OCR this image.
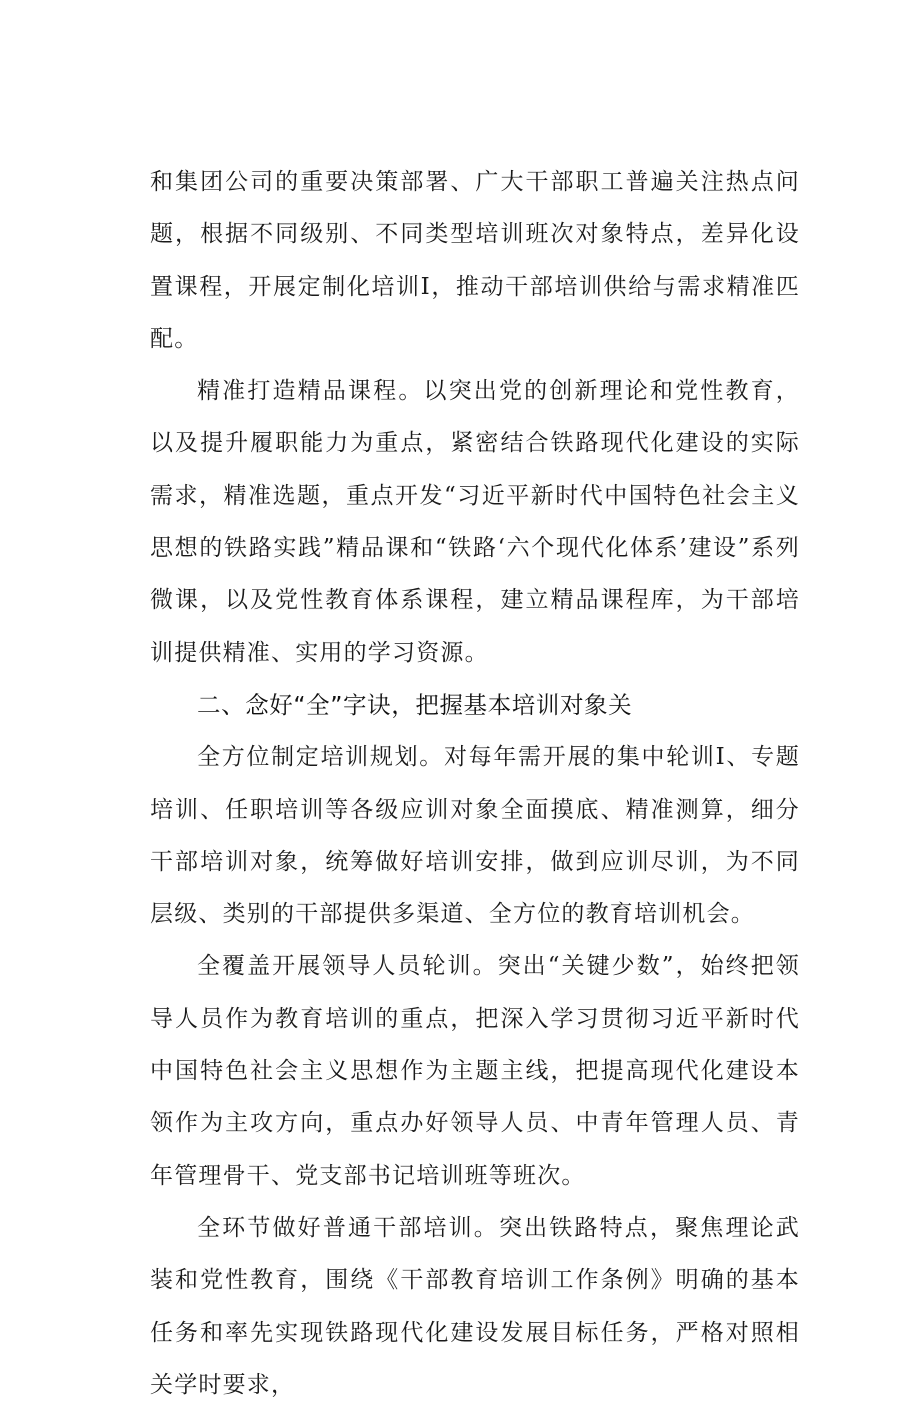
和集团公司的重要决策部署、广大干部职工普遍关注热点问题，根据不同级别、不同类型培训班次对象特点，差异化设置课程，开展定制化培训Ⅰ，推动干部培训供给与需求精准匹配。

精准打造精品课程。以突出党的创新理论和党性教育，以及提升履职能力为重点，紧密结合铁路现代化建设的实际需求，精准选题，重点开发“习近平新时代中国特色社会主义思想的铁路实践”精品课和“铁路‘六个现代化体系’建设”系列微课，以及党性教育体系课程，建立精品课程库，为干部培训提供精准、实用的学习资源。

二、念好“全”字诀，把握基本培训对象关

全方位制定培训规划。对每年需开展的集中轮训Ⅰ、专题培训、任职培训等各级应训对象全面摸底、精准测算，细分干部培训对象，统筹做好培训安排，做到应训尽训，为不同层级、类别的干部提供多渠道、全方位的教育培训机会。

全覆盖开展领导人员轮训。突出“关键少数”，始终把领导人员作为教育培训的重点，把深入学习贯彻习近平新时代中国特色社会主义思想作为主题主线，把提高现代化建设本领作为主攻方向，重点办好领导人员、中青年管理人员、青年管理骨干、党支部书记培训班等班次。

全环节做好普通干部培训。突出铁路特点，聚焦理论武装和党性教育，围绕《干部教育培训工作条例》明确的基本任务和率先实现铁路现代化建设发展目标任务，严格对照相关学时要求，
